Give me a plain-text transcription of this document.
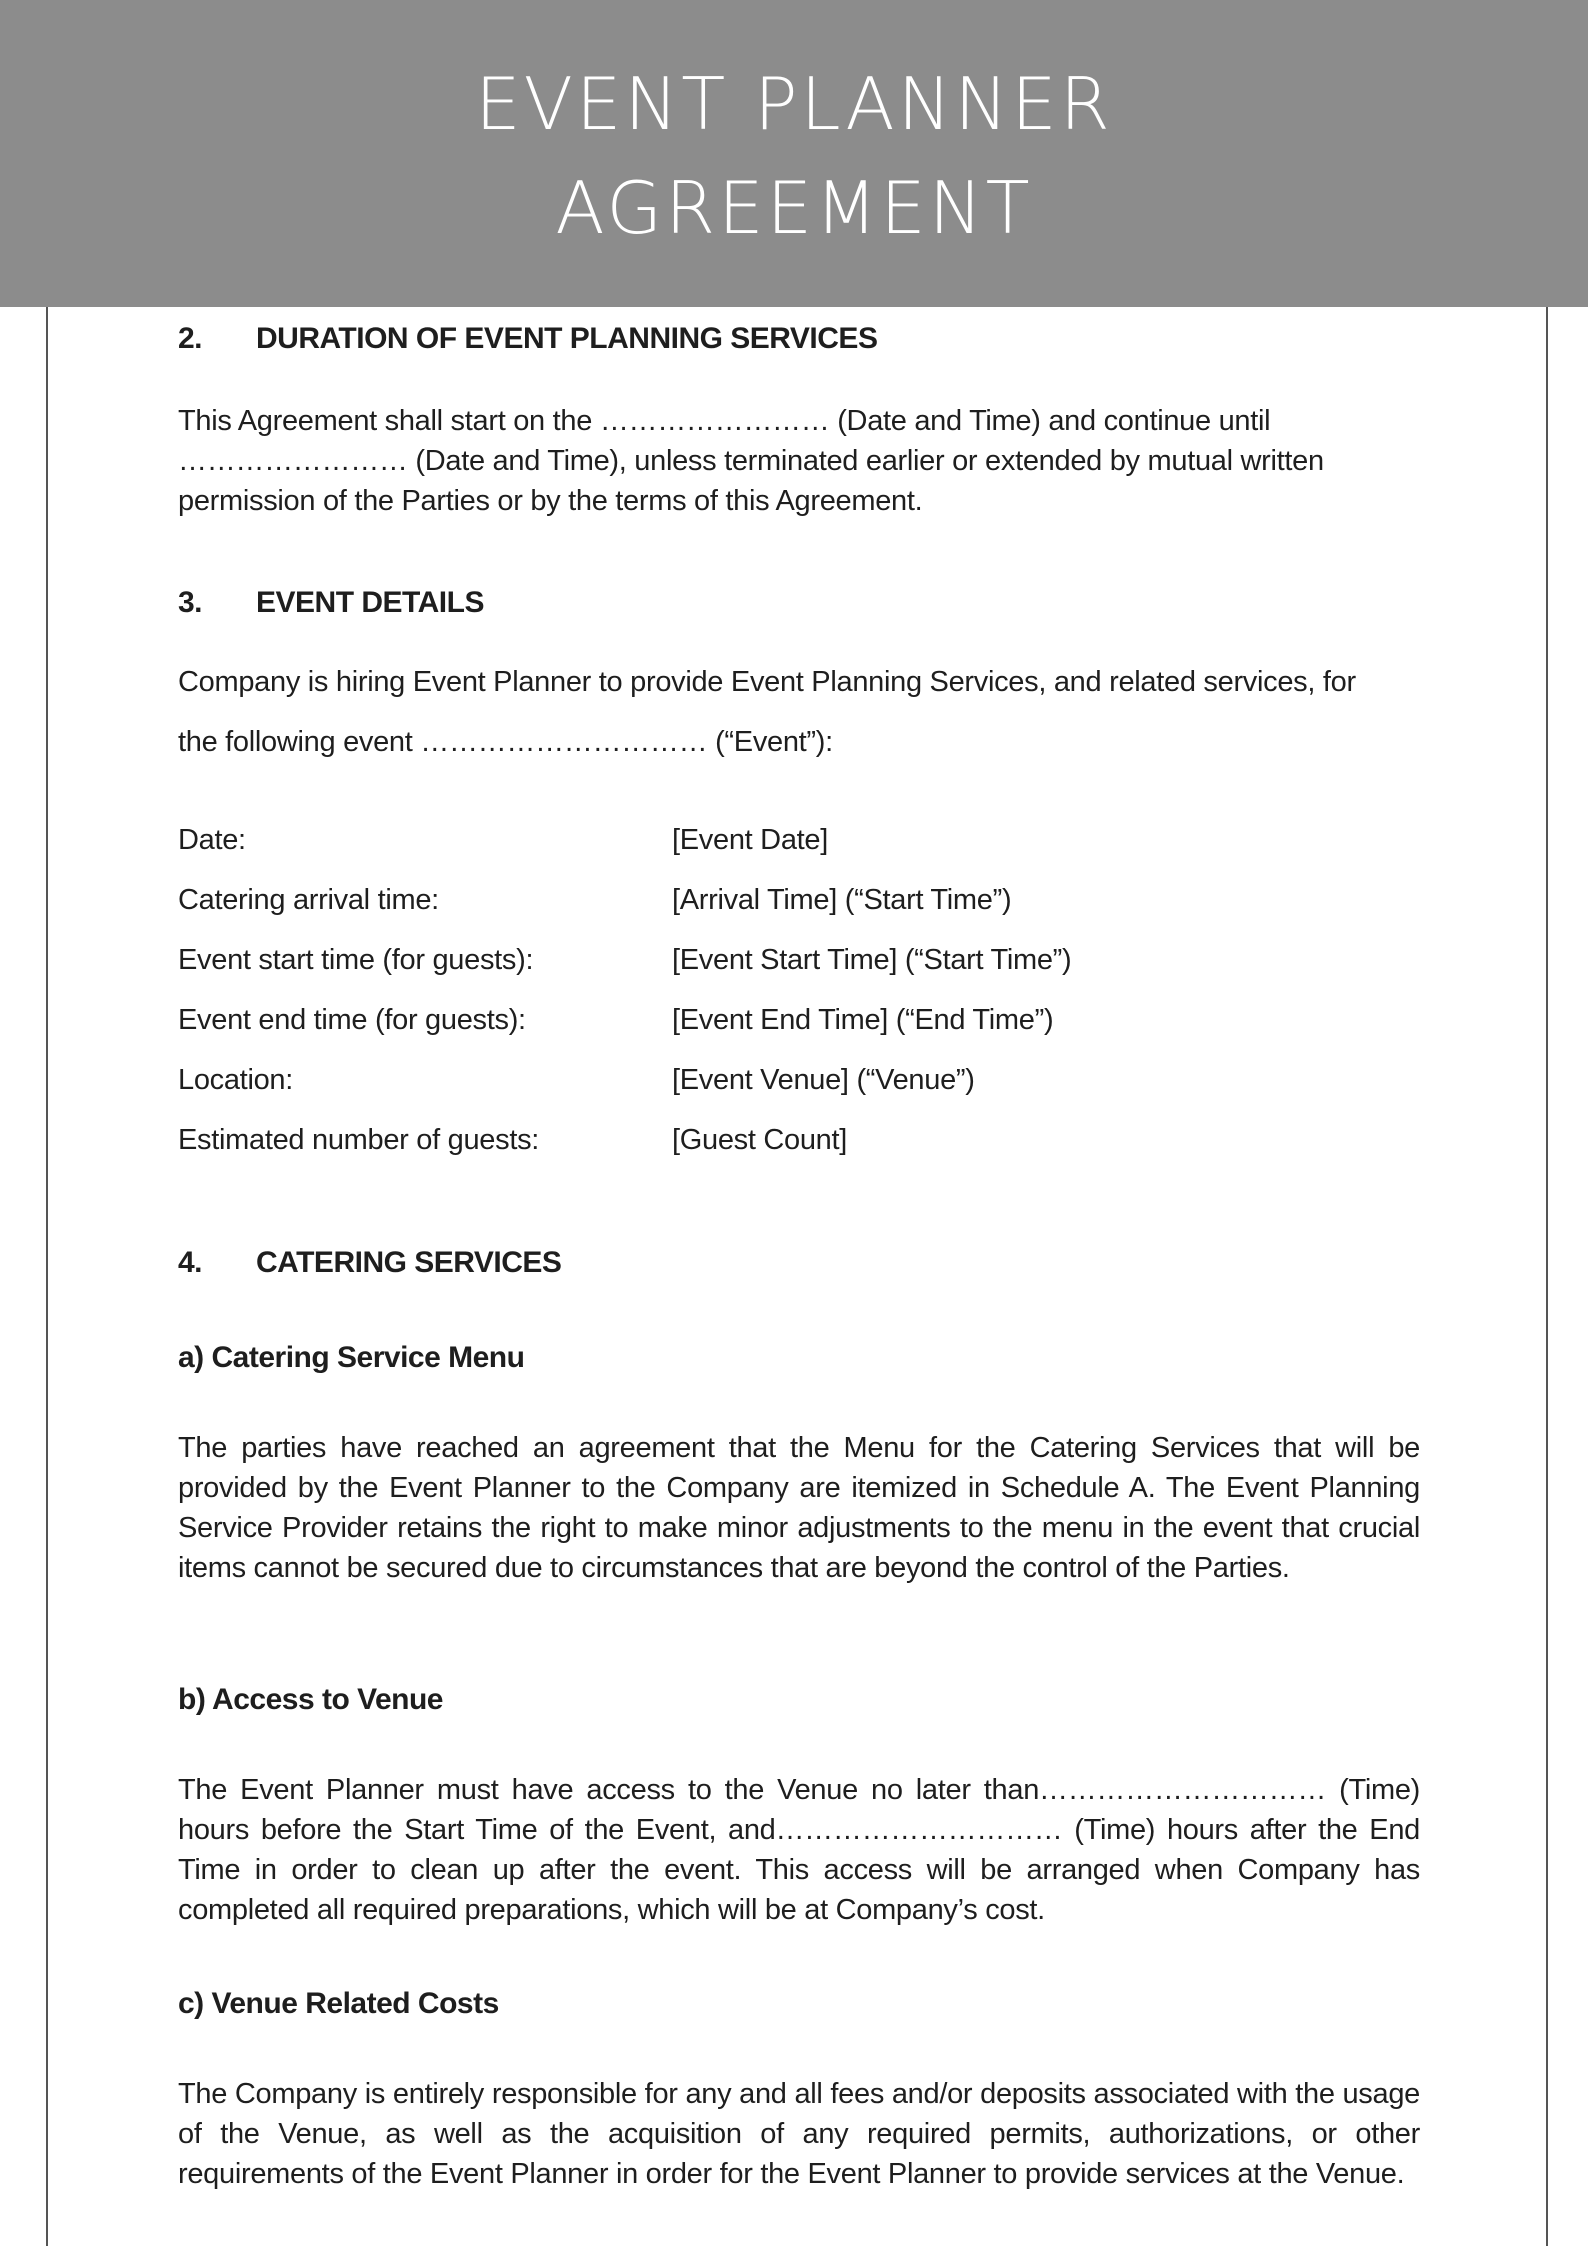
EVENT PLANNER
AGREEMENT
2. DURATION OF EVENT PLANNING SERVICES
This Agreement shall start on the …………………… (Date and Time) and continue until
…………………… (Date and Time), unless terminated earlier or extended by mutual written
permission of the Parties or by the terms of this Agreement.
3. EVENT DETAILS
Company is hiring Event Planner to provide Event Planning Services, and related services, for
the following event ………………………… (“Event”):
Date:	[Event Date]
Catering arrival time:	[Arrival Time] (“Start Time”)
Event start time (for guests):	[Event Start Time] (“Start Time”)
Event end time (for guests):	[Event End Time] (“End Time”)
Location:	[Event Venue] (“Venue”)
Estimated number of guests:	[Guest Count]
4. CATERING SERVICES
a) Catering Service Menu
The parties have reached an agreement that the Menu for the Catering Services that will be provided by the Event Planner to the Company are itemized in Schedule A. The Event Planning Service Provider retains the right to make minor adjustments to the menu in the event that crucial items cannot be secured due to circumstances that are beyond the control of the Parties.
b) Access to Venue
The Event Planner must have access to the Venue no later than………………………… (Time) hours before the Start Time of the Event, and………………………… (Time) hours after the End Time in order to clean up after the event. This access will be arranged when Company has completed all required preparations, which will be at Company’s cost.
c) Venue Related Costs
The Company is entirely responsible for any and all fees and/or deposits associated with the usage of the Venue, as well as the acquisition of any required permits, authorizations, or other requirements of the Event Planner in order for the Event Planner to provide services at the Venue.
